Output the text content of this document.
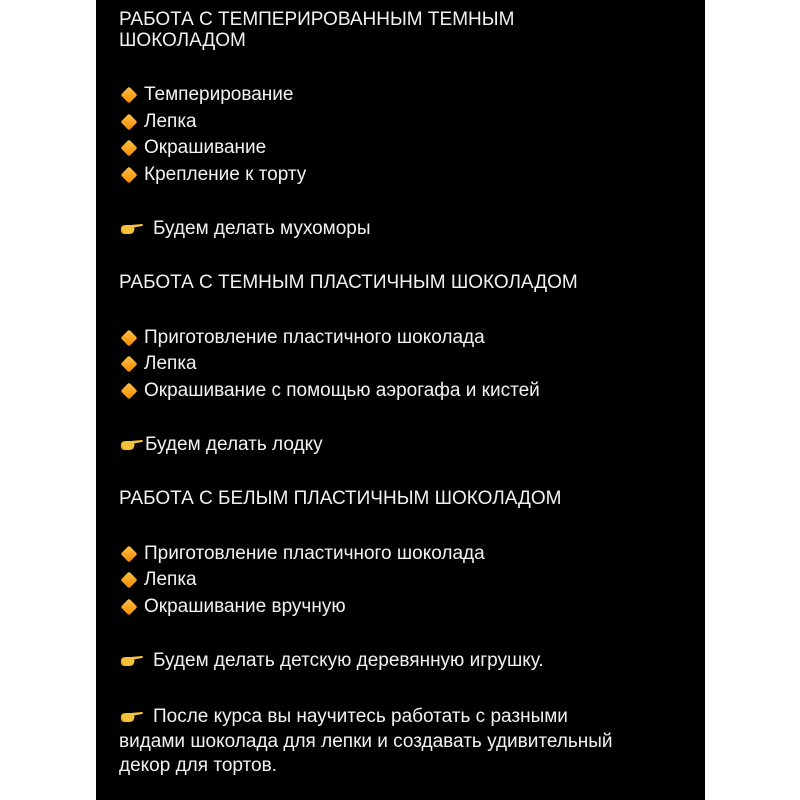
РАБОТА С ТЕМПЕРИРОВАННЫМ ТЕМНЫМ
ШОКОЛАДОМ
Темперирование
Лепка
Окрашивание
Крепление к торту
Будем делать мухоморы
РАБОТА С ТЕМНЫМ ПЛАСТИЧНЫМ ШОКОЛАДОМ
Приготовление пластичного шоколада
Лепка
Окрашивание с помощью аэрогафа и кистей
Будем делать лодку
РАБОТА С БЕЛЫМ ПЛАСТИЧНЫМ ШОКОЛАДОМ
Приготовление пластичного шоколада
Лепка
Окрашивание вручную
Будем делать детскую деревянную игрушку.
После курса вы научитесь работать с разными
видами шоколада для лепки и создавать удивительный
декор для тортов.
